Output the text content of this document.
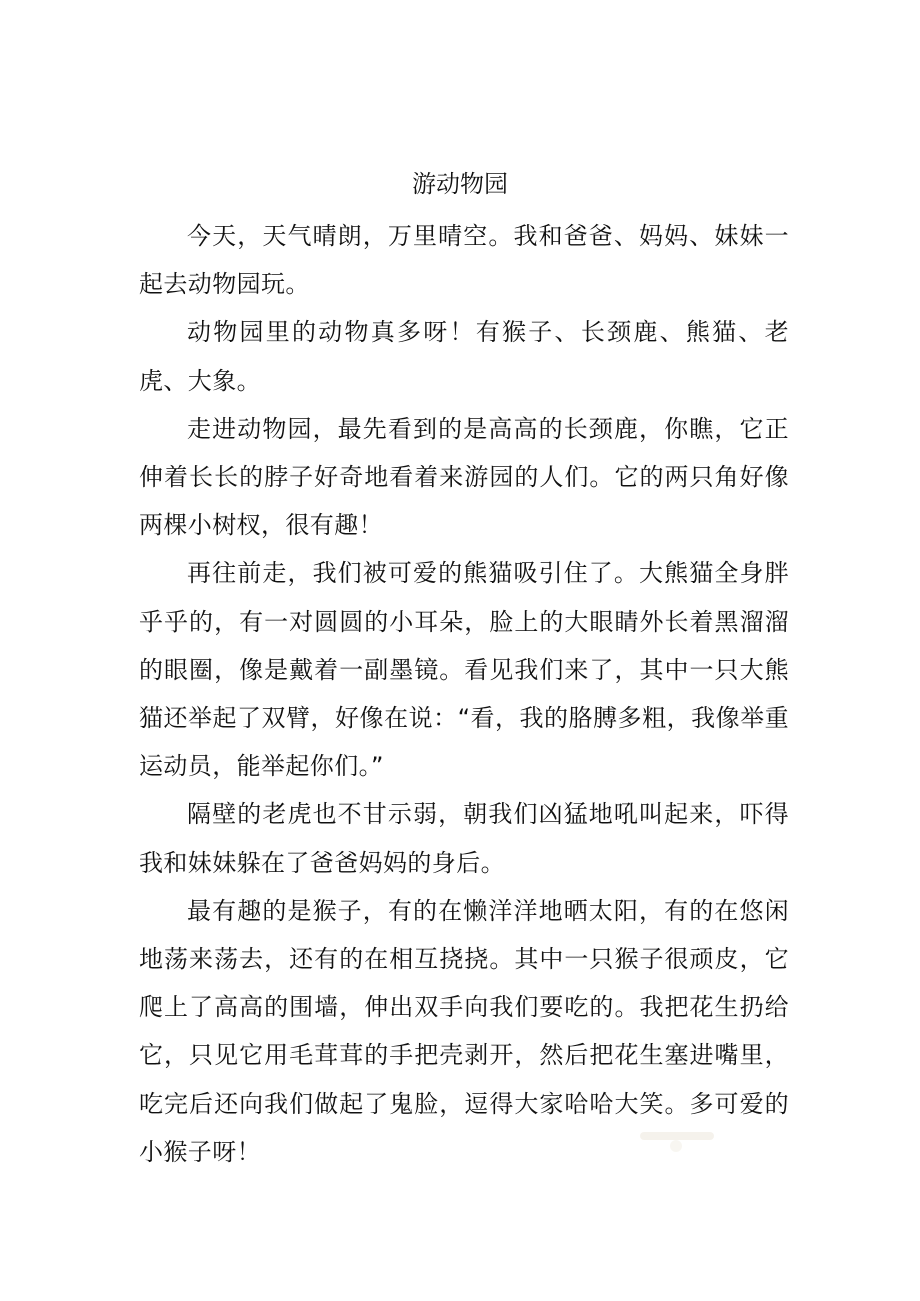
游动物园

今天，天气晴朗，万里晴空。我和爸爸、妈妈、妹妹一起去动物园玩。

动物园里的动物真多呀！有猴子、长颈鹿、熊猫、老虎、大象。

走进动物园，最先看到的是高高的长颈鹿，你瞧，它正伸着长长的脖子好奇地看着来游园的人们。它的两只角好像两棵小树杈，很有趣！

再往前走，我们被可爱的熊猫吸引住了。大熊猫全身胖乎乎的，有一对圆圆的小耳朵，脸上的大眼睛外长着黑溜溜的眼圈，像是戴着一副墨镜。看见我们来了，其中一只大熊猫还举起了双臂，好像在说：“看，我的胳膊多粗，我像举重运动员，能举起你们。”

隔壁的老虎也不甘示弱，朝我们凶猛地吼叫起来，吓得我和妹妹躲在了爸爸妈妈的身后。

最有趣的是猴子，有的在懒洋洋地晒太阳，有的在悠闲地荡来荡去，还有的在相互挠挠。其中一只猴子很顽皮，它爬上了高高的围墙，伸出双手向我们要吃的。我把花生扔给它，只见它用毛茸茸的手把壳剥开，然后把花生塞进嘴里，吃完后还向我们做起了鬼脸，逗得大家哈哈大笑。多可爱的小猴子呀！
